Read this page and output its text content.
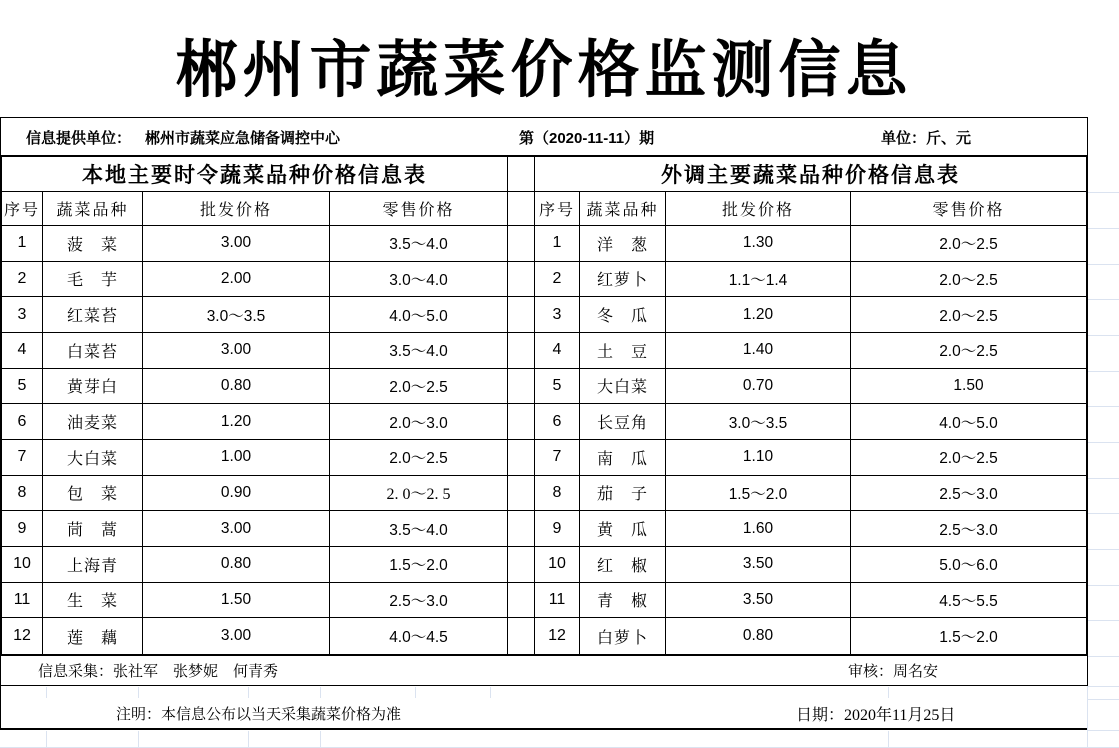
郴州市蔬菜价格监测信息
信息提供单位： 郴州市蔬菜应急储备调控中心	第（2020-11-11）期	单位：斤、元
本地主要时令蔬菜品种价格信息表	外调主要蔬菜品种价格信息表
序号	蔬菜品种	批发价格	零售价格	序号 蔬菜品种	批发价格	零售价格
1	菠　菜	3.00	3.5～4.0	1	洋　葱	1.30	2.0～2.5
2	毛　芋	2.00	3.0～4.0	2	红萝卜	1.1～1.4	2.0～2.5
3	红菜苔	3.0～3.5	4.0～5.0	3	冬　瓜	1.20	2.0～2.5
4	白菜苔	3.00	3.5～4.0	4	土　豆	1.40	2.0～2.5
5	黄芽白	0.80	2.0～2.5	5	大白菜	0.70	1.50
6	油麦菜	1.20	2.0～3.0	6	长豆角	3.0～3.5	4.0～5.0
7	大白菜	1.00	2.0～2.5	7	南　瓜	1.10	2.0～2.5
8	包　菜	0.90	2. 0～2. 5	8	茄　子	1.5～2.0	2.5～3.0
9	茼　蒿	3.00	3.5～4.0	9	黄　瓜	1.60	2.5～3.0
10	上海青	0.80	1.5～2.0	10	红　椒	3.50	5.0～6.0
11	生　菜	1.50	2.5～3.0	11	青　椒	3.50	4.5～5.5
12	莲　藕	3.00	4.0～4.5	12	白萝卜	0.80	1.5～2.0
信息采集：张社军　张梦妮　何青秀	审核：周名安
注明：本信息公布以当天采集蔬菜价格为准	日期：2020年11月25日
